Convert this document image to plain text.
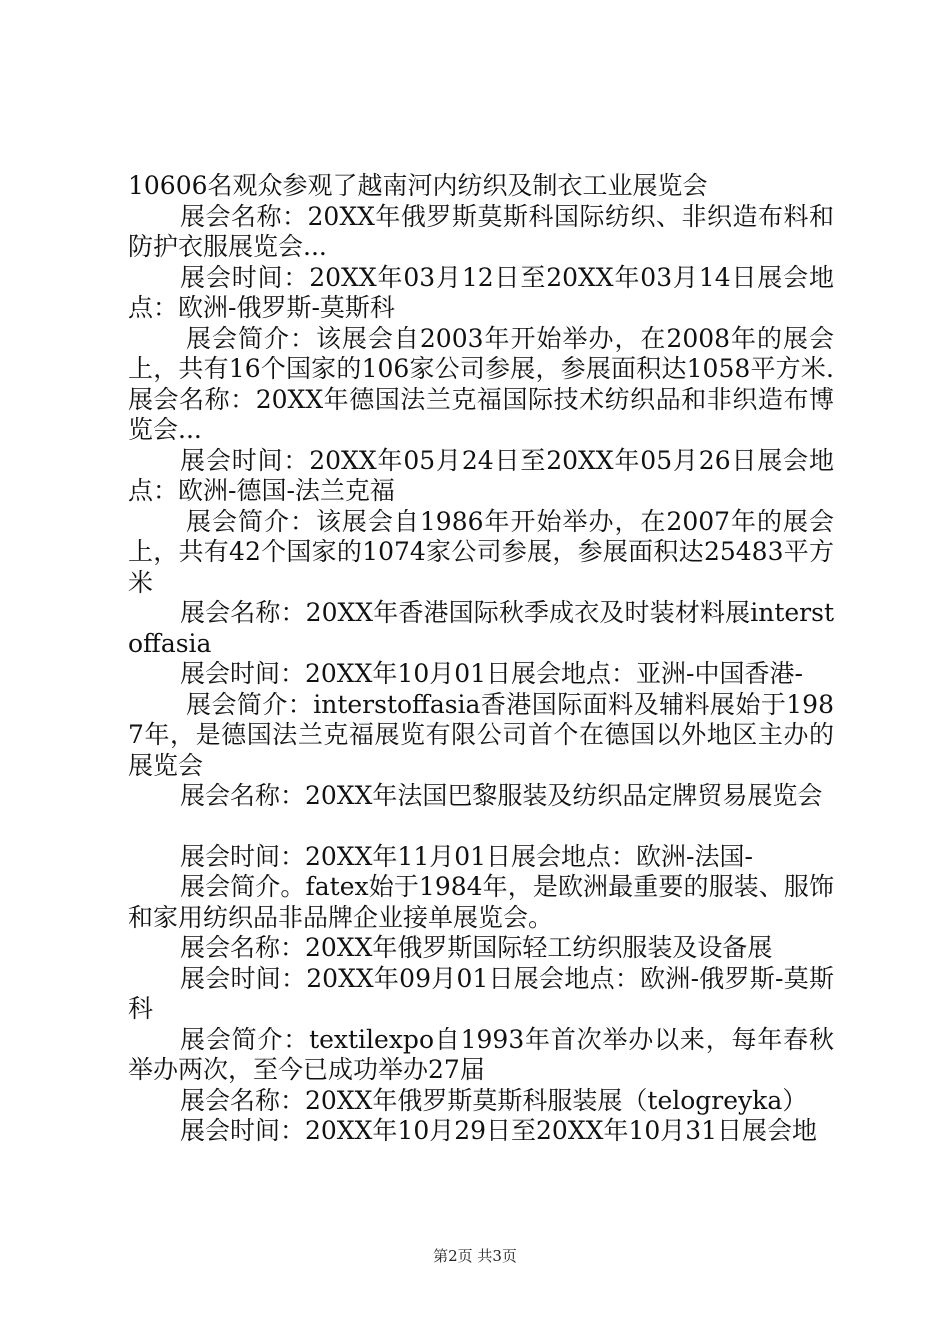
10606名观众参观了越南河内纺织及制衣工业展览会

展会名称：20XX年俄罗斯莫斯科国际纺织、非织造布料和防护衣服展览会...

展会时间：20XX年03月12日至20XX年03月14日展会地点：欧洲-俄罗斯-莫斯科

展会简介：该展会自2003年开始举办，在2008年的展会上，共有16个国家的106家公司参展，参展面积达1058平方米.展会名称：20XX年德国法兰克福国际技术纺织品和非织造布博览会...

展会时间：20XX年05月24日至20XX年05月26日展会地点：欧洲-德国-法兰克福

展会简介：该展会自1986年开始举办，在2007年的展会上，共有42个国家的1074家公司参展，参展面积达25483平方米

展会名称：20XX年香港国际秋季成衣及时装材料展interstoffasia

展会时间：20XX年10月01日展会地点：亚洲-中国香港-

展会简介：interstoffasia香港国际面料及辅料展始于1987年，是德国法兰克福展览有限公司首个在德国以外地区主办的展览会

展会名称：20XX年法国巴黎服装及纺织品定牌贸易展览会

展会时间：20XX年11月01日展会地点：欧洲-法国-

展会简介。fatex始于1984年，是欧洲最重要的服装、服饰和家用纺织品非品牌企业接单展览会。

展会名称：20XX年俄罗斯国际轻工纺织服装及设备展

展会时间：20XX年09月01日展会地点：欧洲-俄罗斯-莫斯科

展会简介：textilexpo自1993年首次举办以来，每年春秋举办两次，至今已成功举办27届

展会名称：20XX年俄罗斯莫斯科服装展（telogreyka）

展会时间：20XX年10月29日至20XX年10月31日展会地

第2页 共3页
